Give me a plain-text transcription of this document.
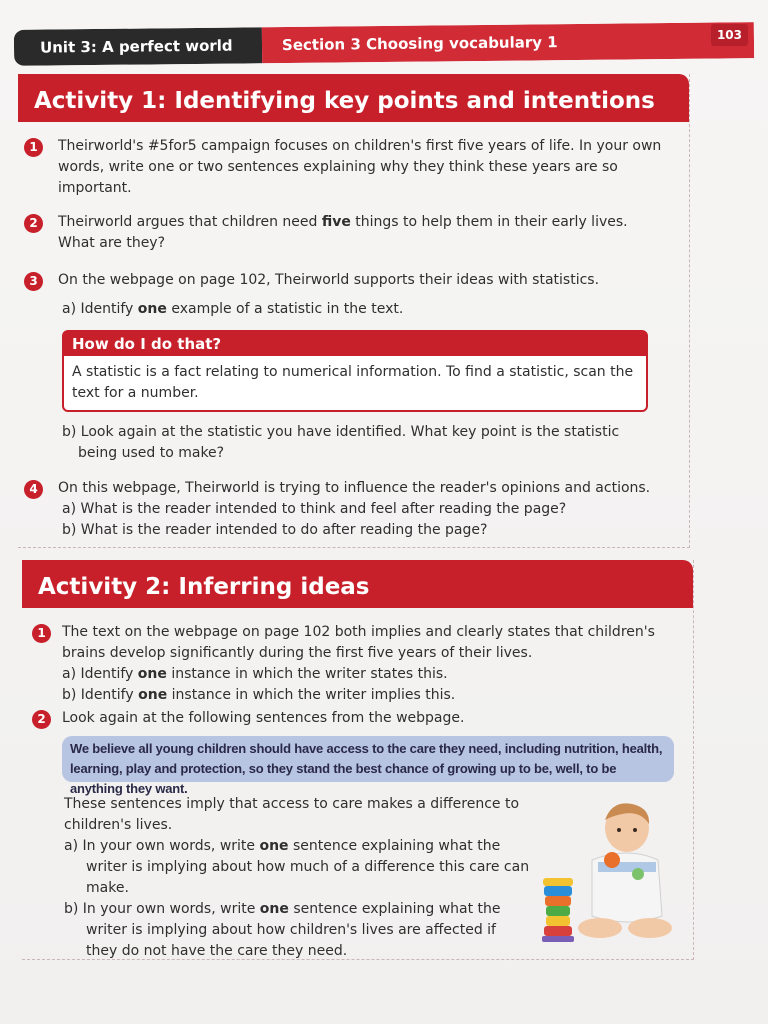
Unit 3: A perfect world	Section 3 Choosing vocabulary 1	103
Activity 1: Identifying key points and intentions
1	Theirworld's #5for5 campaign focuses on children's first five years of life. In your own words, write one or two sentences explaining why they think these years are so important.
2	Theirworld argues that children need five things to help them in their early lives. What are they?
3	On the webpage on page 102, Theirworld supports their ideas with statistics.
a) Identify one example of a statistic in the text.
How do I do that?
A statistic is a fact relating to numerical information. To find a statistic, scan the text for a number.
b) Look again at the statistic you have identified. What key point is the statistic being used to make?
4	On this webpage, Theirworld is trying to influence the reader's opinions and actions.
a) What is the reader intended to think and feel after reading the page?
b) What is the reader intended to do after reading the page?
Activity 2: Inferring ideas
1	The text on the webpage on page 102 both implies and clearly states that children's brains develop significantly during the first five years of their lives.
a) Identify one instance in which the writer states this.
b) Identify one instance in which the writer implies this.
2	Look again at the following sentences from the webpage.
We believe all young children should have access to the care they need, including nutrition, health, learning, play and protection, so they stand the best chance of growing up to be, well, to be anything they want.
These sentences imply that access to care makes a difference to children's lives.
a) In your own words, write one sentence explaining what the writer is implying about how much of a difference this care can make.
b) In your own words, write one sentence explaining what the writer is implying about how children's lives are affected if they do not have the care they need.
